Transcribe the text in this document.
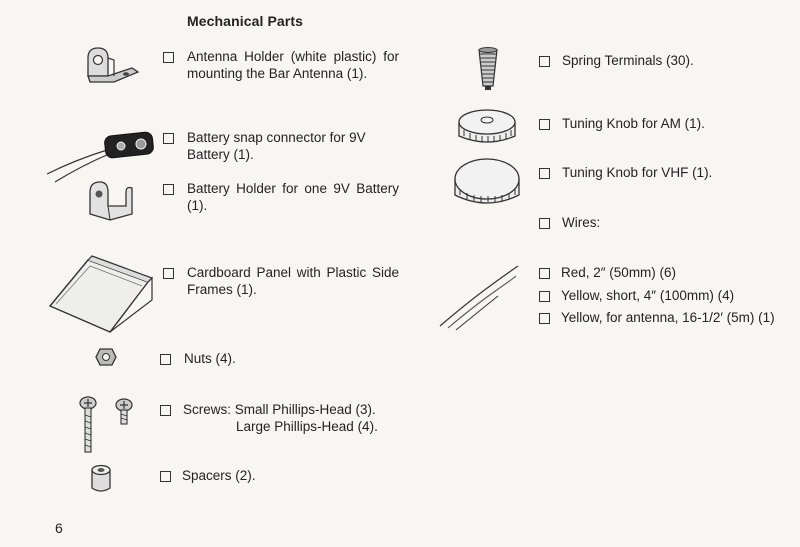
Mechanical Parts
Antenna Holder (white plastic) for mounting the Bar Antenna (1).
Battery snap connector for 9V Battery (1).
Battery Holder for one 9V Battery (1).
Cardboard Panel with Plastic Side Frames (1).
Nuts (4).
Screws: Small Phillips-Head (3).
Large Phillips-Head (4).
Spacers (2).
Spring Terminals (30).
Tuning Knob for AM (1).
Tuning Knob for VHF (1).
Wires:
Red, 2″ (50mm) (6)
Yellow, short, 4″ (100mm) (4)
Yellow, for antenna, 16-1/2′ (5m) (1)
6
